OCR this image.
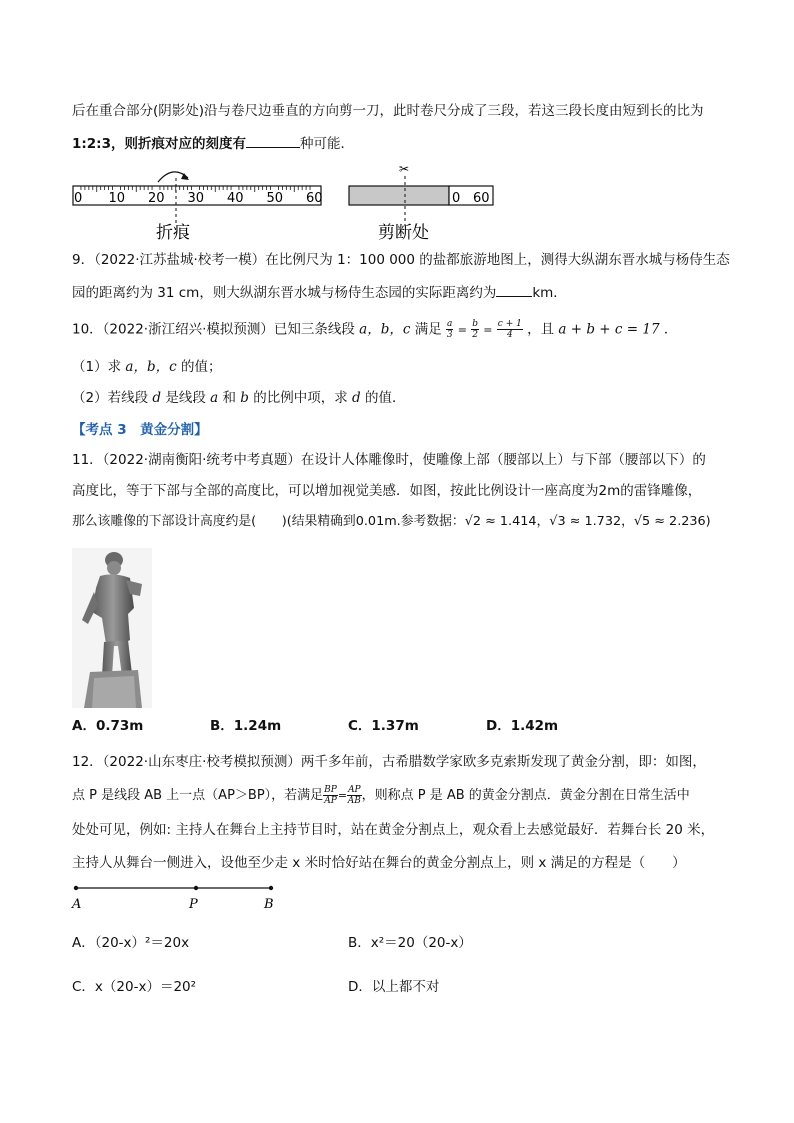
后在重合部分(阴影处)沿与卷尺边垂直的方向剪一刀，此时卷尺分成了三段，若这三段长度由短到长的比为
1:2:3，则折痕对应的刻度有	种可能．
0 10 20 30 40 50 60
折痕
0 60
✂
剪断处
9．（2022·江苏盐城·校考一模）在比例尺为 1：100 000 的盐都旅游地图上，测得大纵湖东晋水城与杨侍生态
园的距离约为 31 cm，则大纵湖东晋水城与杨侍生态园的实际距离约为	km．
10．（2022·浙江绍兴·模拟预测）已知三条线段 a，b，c 满足 $\frac{a}{3} = \frac{b}{2} = \frac{c + 1}{4}$ ，且 a + b + c = 17 ．
（1）求 a，b，c 的值；
（2）若线段 d 是线段 a 和 b 的比例中项，求 d 的值．
【考点 3　黄金分割】
11．（2022·湖南衡阳·统考中考真题）在设计人体雕像时，使雕像上部（腰部以上）与下部（腰部以下）的
高度比，等于下部与全部的高度比，可以增加视觉美感．如图，按此比例设计一座高度为2m的雷锋雕像，
那么该雕像的下部设计高度约是(　　)(结果精确到0.01m.参考数据：√2 ≈ 1.414，√3 ≈ 1.732，√5 ≈ 2.236)
A．0.73m	B．1.24m	C．1.37m	D．1.42m
12．（2022·山东枣庄·校考模拟预测）两千多年前，古希腊数学家欧多克索斯发现了黄金分割，即：如图，
点 P 是线段 AB 上一点（AP＞BP），若满足 $\frac{BP}{AP} = \frac{AP}{AB}$ ，则称点 P 是 AB 的黄金分割点．黄金分割在日常生活中
处处可见，例如: 主持人在舞台上主持节目时，站在黄金分割点上，观众看上去感觉最好．若舞台长 20 米，
主持人从舞台一侧进入，设他至少走 x 米时恰好站在舞台的黄金分割点上，则 x 满足的方程是（　　）
A	P	B
A．（20-x）²＝20x	B．x²＝20（20-x）
C．x（20-x）＝20²	D．以上都不对
